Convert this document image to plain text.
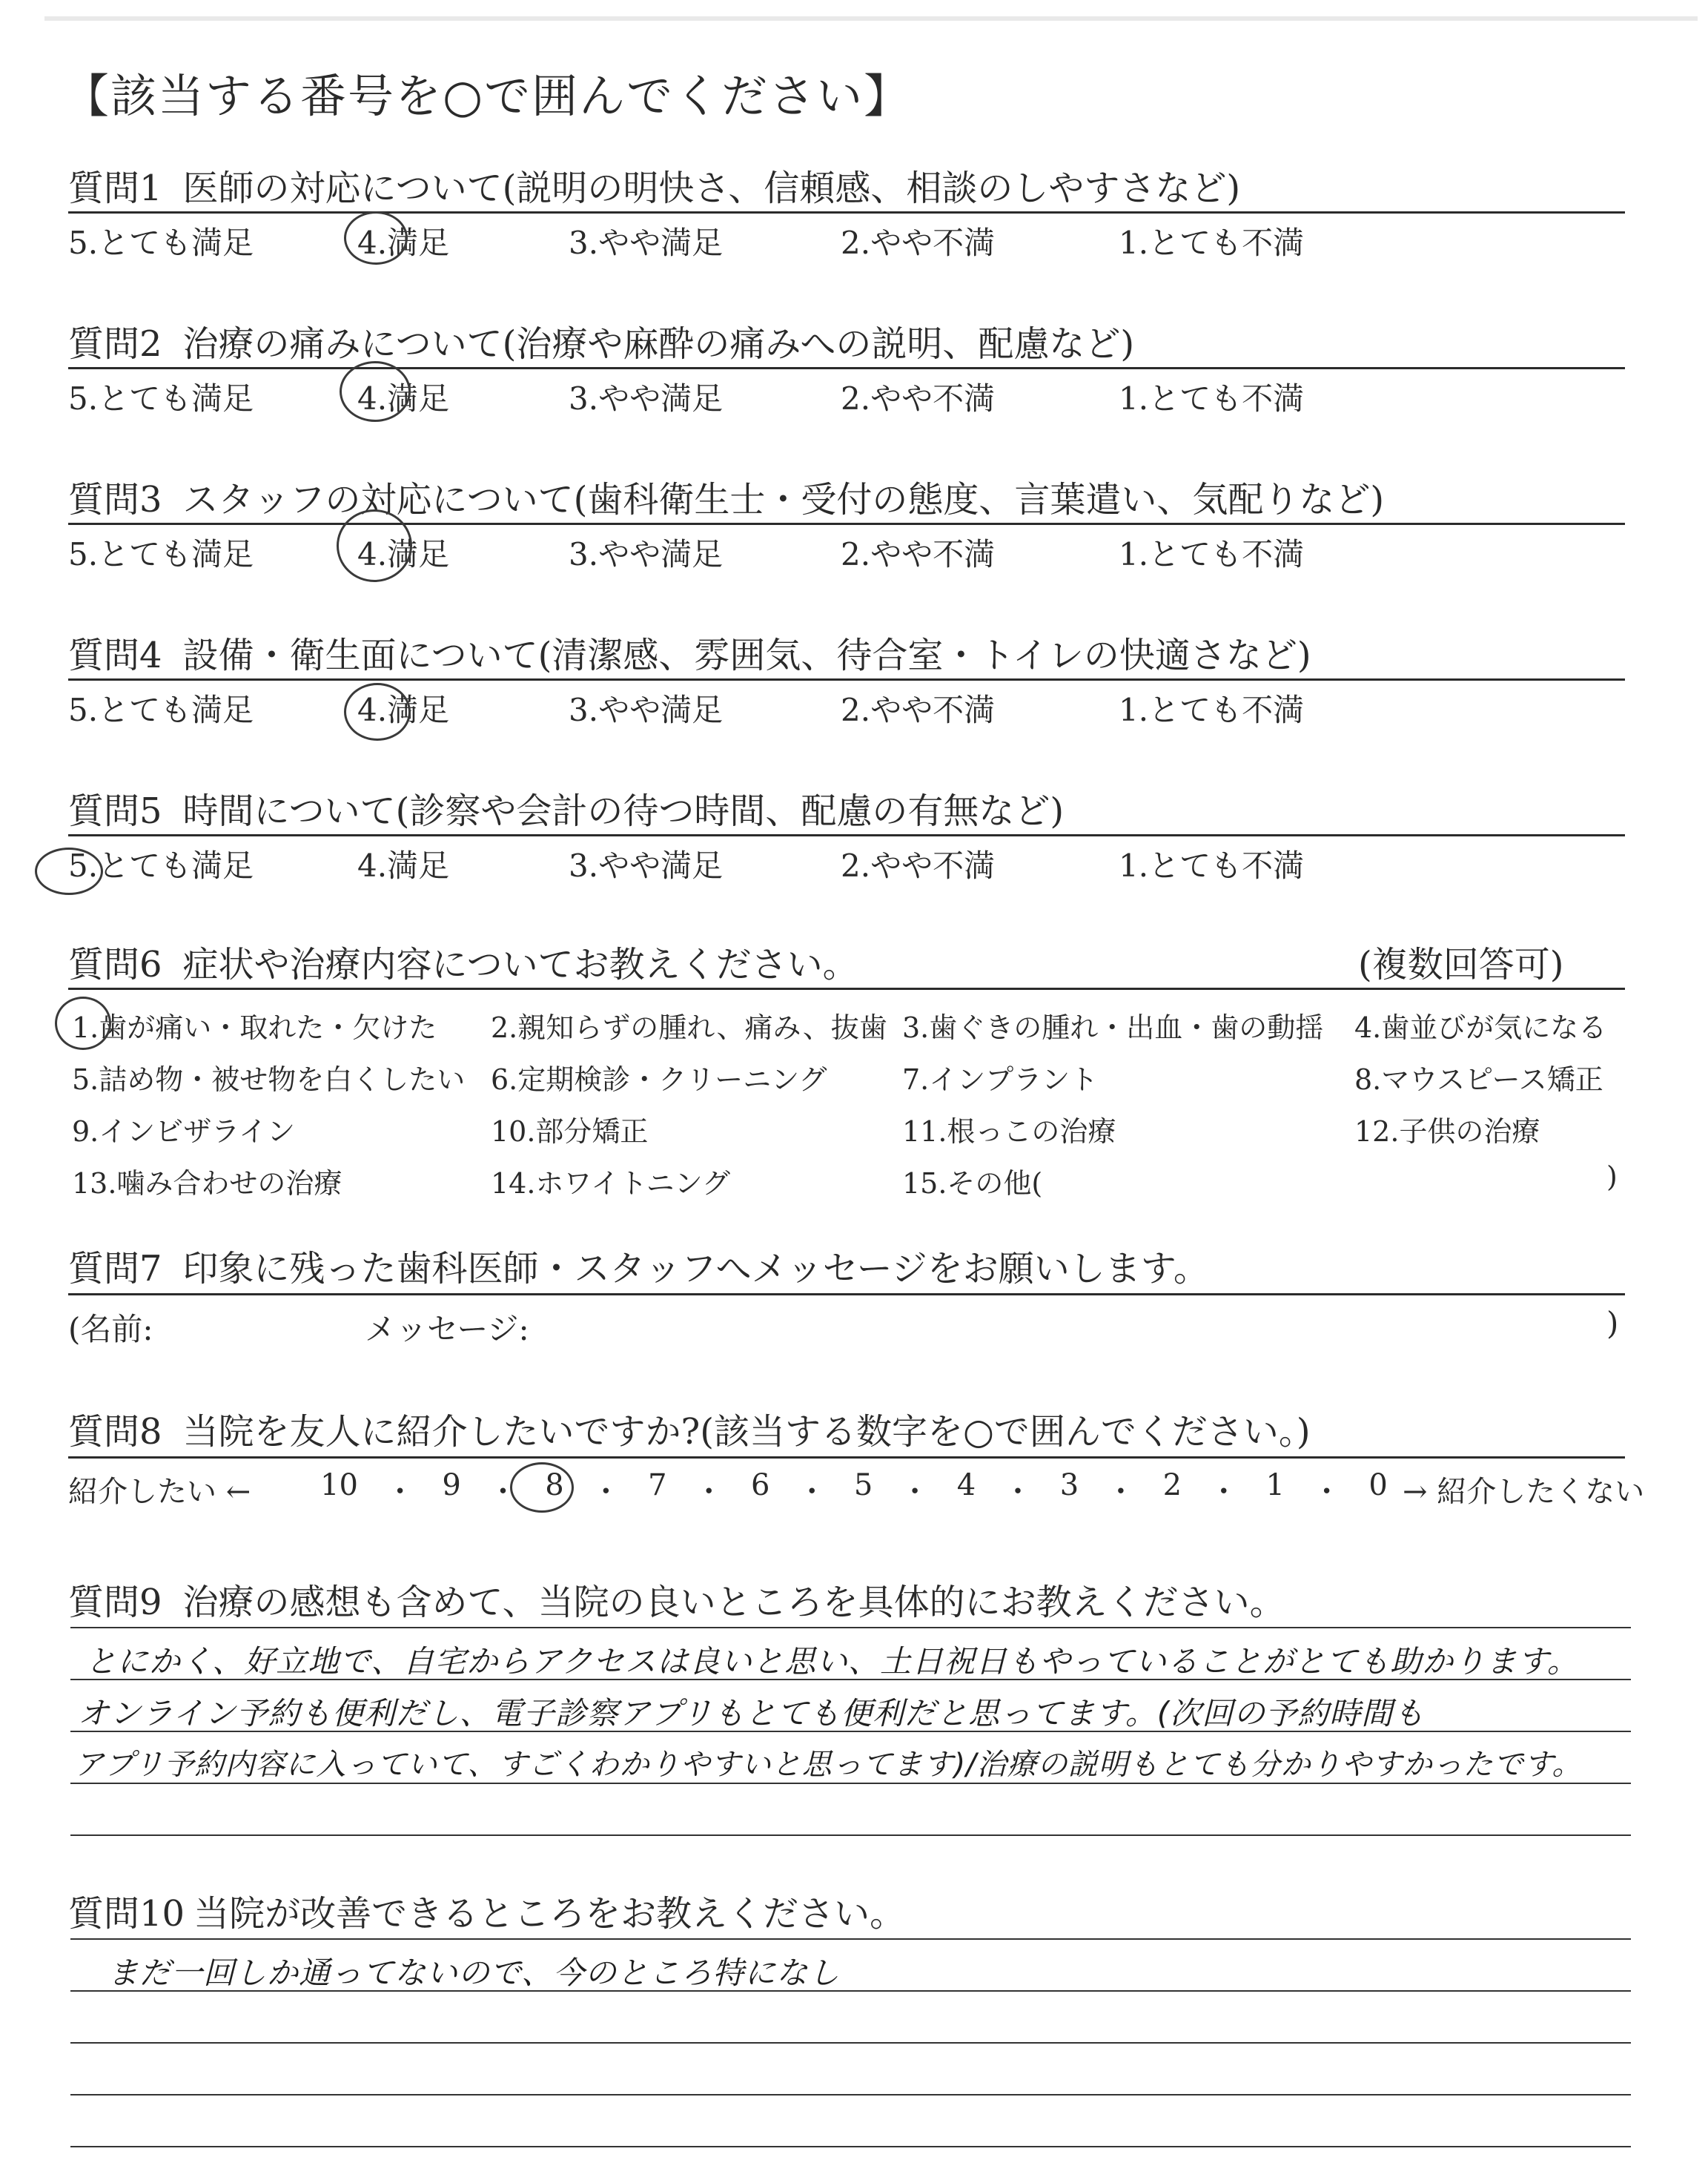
【該当する番号を○で囲んでください】
質問1 医師の対応について(説明の明快さ、信頼感、相談のしやすさなど)
5.とても満足	4.満足	3.やや満足	2.やや不満	1.とても不満
質問2 治療の痛みについて(治療や麻酔の痛みへの説明、配慮など)
5.とても満足	4.満足	3.やや満足	2.やや不満	1.とても不満
質問3 スタッフの対応について(歯科衛生士・受付の態度、言葉遣い、気配りなど)
5.とても満足	4.満足	3.やや満足	2.やや不満	1.とても不満
質問4 設備・衛生面について(清潔感、雰囲気、待合室・トイレの快適さなど)
5.とても満足	4.満足	3.やや満足	2.やや不満	1.とても不満
質問5 時間について(診察や会計の待つ時間、配慮の有無など)
5.とても満足	4.満足	3.やや満足	2.やや不満	1.とても不満
質問6 症状や治療内容についてお教えください。	(複数回答可)
1.歯が痛い・取れた・欠けた 2.親知らずの腫れ、痛み、抜歯 3.歯ぐきの腫れ・出血・歯の動揺 4.歯並びが気になる
5.詰め物・被せ物を白くしたい 6.定期検診・クリーニング	7.インプラント	8.マウスピース矯正
9.インビザライン	10.部分矯正	11.根っこの治療	12.子供の治療
13.噛み合わせの治療	14.ホワイトニング	15.その他(	)
質問7 印象に残った歯科医師・スタッフへメッセージをお願いします。
(名前:	メッセージ:	)
質問8 当院を友人に紹介したいですか?(該当する数字を○で囲んでください。)
紹介したい ← 10 ・ 9 ・ 8 ・ 7 ・ 6 ・ 5 ・ 4 ・ 3 ・ 2 ・ 1 ・ 0 → 紹介したくない
質問9 治療の感想も含めて、当院の良いところを具体的にお教えください。
とにかく、好立地で、自宅からアクセスは良いと思い、土日祝日もやっていることがとても助かります。
オンライン予約も便利だし、電子診察アプリもとても便利だと思ってます。(次回の予約時間も
アプリ予約内容に入っていて、すごくわかりやすいと思ってます)/治療の説明もとても分かりやすかったです。
質問10 当院が改善できるところをお教えください。
まだ一回しか通ってないので、今のところ特になし
